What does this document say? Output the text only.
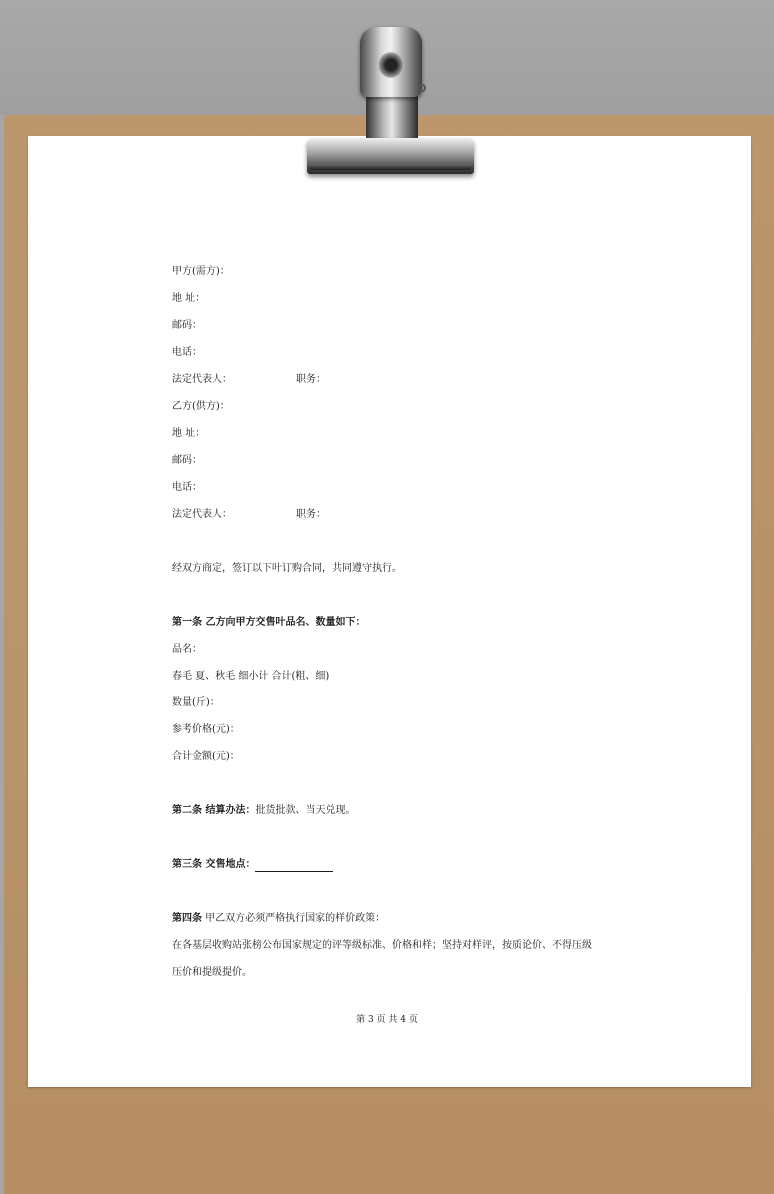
甲方(需方)：
地 址：
邮码：
电话：
法定代表人：	职务：
乙方(供方)：
地 址：
邮码：
电话：
法定代表人：	职务：
经双方商定，签订以下叶订购合同，共同遵守执行。
第一条 乙方向甲方交售叶品名、数量如下：
品名：
春毛 夏、秋毛 细小计 合计(粗、细)
数量(斤)：
参考价格(元)：
合计金额(元)：
第二条 结算办法：批货批款、当天兑现。
第三条 交售地点：
第四条 甲乙双方必须严格执行国家的样价政策：
在各基层收购站张榜公布国家规定的评等级标准、价格和样；坚持对样评，按质论价、不得压级
压价和提级提价。
第 3 页 共 4 页
